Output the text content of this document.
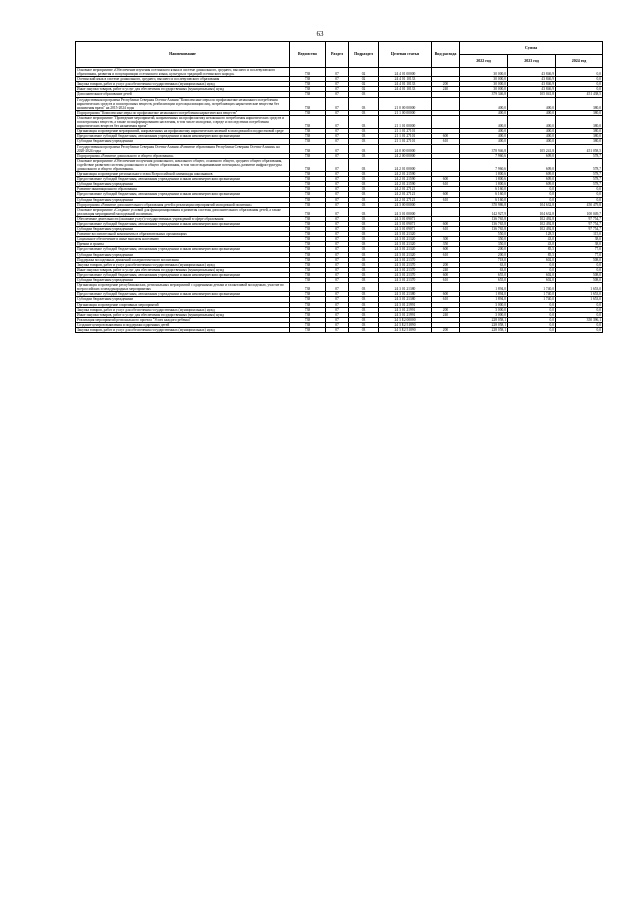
63
Наименование	Ведомство	Раздел	Подраздел	Целевая статья	Вид расхода	Сумма		
						2022 год	2023 год	2024 год
Основное мероприятие «Обеспечение изучения осетинского языка в системе дошкольного, среднего, высшего и послевузовского образования, развития и популяризации осетинского языка, культуры и традиций осетинского народа»	738	07	02	24 4 01 00000		30 000,0	43 846,9	0,0
Осетинский язык в системе дошкольного, среднего, высшего и послевузовского образования	738	07	02	24 4 01 10133		30 000,0	43 846,9	0,0
Закупка товаров, работ и услуг для обеспечения государственных (муниципальных) нужд	738	07	02	24 4 01 10133	200	30 000,0	43 846,9	0,0
Иные закупки товаров, работ и услуг для обеспечения государственных (муниципальных) нужд	738	07	02	24 4 01 10133	240	30 000,0	43 846,9	0,0
Дополнительное образование детей	738	07	03			379 346,8	105 041,8	451 438,5
Государственная программа Республики Северная Осетия-Алания "Комплексные меры по профилактике незаконного потребления наркотических средств и психотропных веществ, реабилитации и ресоциализации лиц, потребляющих наркотические вещества без назначения врача" на 2015-2024 годы	738	07	03	21 0 00 00000		400,0	400,0	380,0
Подпрограмма "Комплексные меры по профилактике незаконного потребления наркотических веществ"	738	07	03	21 1 00 00000		400,0	400,0	380,0
Основное мероприятие "Проведение мероприятий, направленных на профилактику незаконного потребления наркотических средств и психотропных веществ, а также по информированию населения, в том числе молодежи, о вреде и последствиях потребления наркотических веществ без назначения врача"	738	07	03	21 1 01 00000		400,0	400,0	380,0
Организация и проведение мероприятий, направленных на профилактику наркотических явлений в молодежной и подростковой среде	738	07	03	21 1 01 27101		400,0	400,0	380,0
Предоставление субсидий бюджетным, автономным учреждениям и иным некоммерческим организациям	738	07	03	21 1 01 27101	600	400,0	400,0	380,0
Субсидии бюджетным учреждениям	738	07	03	21 1 01 27101	610	400,0	400,0	380,0
Государственная программа Республики Северная Осетия-Алания «Развитие образования Республики Северная Осетия-Алания» на 2020-2024 годы	738	07	03	24 0 00 00000		378 946,8	105 241,8	451 058,5
Подпрограмма «Развитие дошкольного и общего образования»	738	07	03	24 2 00 00000		7 960,6	609,0	578,7
Основное мероприятие «Обеспечение получения дошкольного, начального общего, основного общего, среднего общего образования, содействие развитию системы дошкольного и общего образования, в том числе выравнивание потенциала, развитие инфраструктуры дошкольного и общего образования»	738	07	03	24 2 01 00000		7 960,6	609,0	578,7
Организация и проведение регионального этапа Всероссийской олимпиады школьников	738	07	03	24 2 01 21590		1 800,6	609,0	578,7
Предоставление субсидий бюджетным, автономным учреждениям и иным некоммерческим организациям	738	07	03	24 2 01 21590	600	1 800,6	609,0	578,7
Субсидии бюджетным учреждениям	738	07	03	24 2 01 21590	610	1 800,6	609,0	578,7
Развитие инновационного образования	738	07	03	24 2 01 27121		6 160,0	0,0	0,0
Предоставление субсидий бюджетным, автономным учреждениям и иным некоммерческим организациям	738	07	03	24 2 01 27121	600	6 160,0	0,0	0,0
Субсидии бюджетным учреждениям	738	07	03	24 2 01 27121	610	6 160,0	0,0	0,0
Подпрограмма «Развитие дополнительного образования детей и реализация мероприятий молодежной политики»	738	07	03	24 3 00 00000		370 986,8	104 632,8	450 479,8
Основное мероприятие «Создание условий для функционирования и развития системы дополнительного образования детей, а также реализация мероприятий молодежной политики»	738	07	03	24 3 01 00000		142 927,9	104 632,8	100 049,7
Обеспечение деятельности (оказание услуг) государственных учреждений в сфере образования	738	07	03	24 3 01 09071		136 765,8	102 492,8	97 754,7
Предоставление субсидий бюджетным, автономным учреждениям и иным некоммерческим организациям	738	07	03	24 3 01 09071	600	136 765,8	102 492,8	97 754,7
Субсидии бюджетным учреждениям	738	07	03	24 3 01 09071	610	136 765,8	102 492,8	97 754,7
Развитие воспитательной компоненты в образовательных организациях	738	07	03	24 3 01 21320		550,0	128,5	115,0
Социальное обеспечение и иные выплаты населению	738	07	03	24 3 01 21320	300	350,0	43,0	38,0
Премии и гранты	738	07	03	24 3 01 21320	350	350,0	43,0	38,0
Предоставление субсидий бюджетным, автономным учреждениям и иным некоммерческим организациям	738	07	03	24 3 01 21320	600	200,0	85,5	77,0
Субсидии бюджетным учреждениям	738	07	03	24 3 01 21320	610	200,0	85,5	77,0
Поддержка молодежных движений и патриотического воспитания	738	07	03	24 3 01 21370		718,0	602,0	508,0
Закупка товаров, работ и услуг для обеспечения государственных (муниципальных) нужд	738	07	03	24 3 01 21370	200	63,0	0,0	0,0
Иные закупки товаров, работ и услуг для обеспечения государственных (муниципальных) нужд	738	07	03	24 3 01 21370	240	63,0	0,0	0,0
Предоставление субсидий бюджетным, автономным учреждениям и иным некоммерческим организациям	738	07	03	24 3 01 21370	600	655,0	602,0	508,0
Субсидии бюджетным учреждениям	738	07	03	24 3 01 21370	610	655,0	602,0	508,0
Организация и проведение республиканских, региональных мероприятий с одаренными детьми и талантливой молодежью, участие во всероссийских и международных мероприятиях	738	07	03	24 3 01 21380		1 894,0	1 740,0	1 653,0
Предоставление субсидий бюджетным, автономным учреждениям и иным некоммерческим организациям	738	07	03	24 3 01 21380	600	1 894,0	1 740,0	1 653,0
Субсидии бюджетным учреждениям	738	07	03	24 3 01 21380	610	1 894,0	1 740,0	1 653,0
Организация и проведение спортивных мероприятий	738	07	03	24 3 01 21991		3 000,0	0,0	0,0
Закупка товаров, работ и услуг для обеспечения государственных (муниципальных) нужд	738	07	03	24 3 01 21991	200	3 000,0	0,0	0,0
Иные закупки товаров, работ и услуг для обеспечения государственных (муниципальных) нужд	738	07	03	24 3 01 21991	240	3 000,0	0,0	0,0
Реализация мероприятий регионального проекта "Успех каждого ребенка"	738	07	03	24 3 E2 00000		228 058,1	0,0	350 396,1
Создание центров выявления и поддержки одаренных детей	738	07	03	24 3 E2 51890		228 058,1	0,0	0,0
Закупка товаров, работ и услуг для обеспечения государственных (муниципальных) нужд	738	07	03	24 3 E2 51890	200	228 058,1	0,0	0,0
